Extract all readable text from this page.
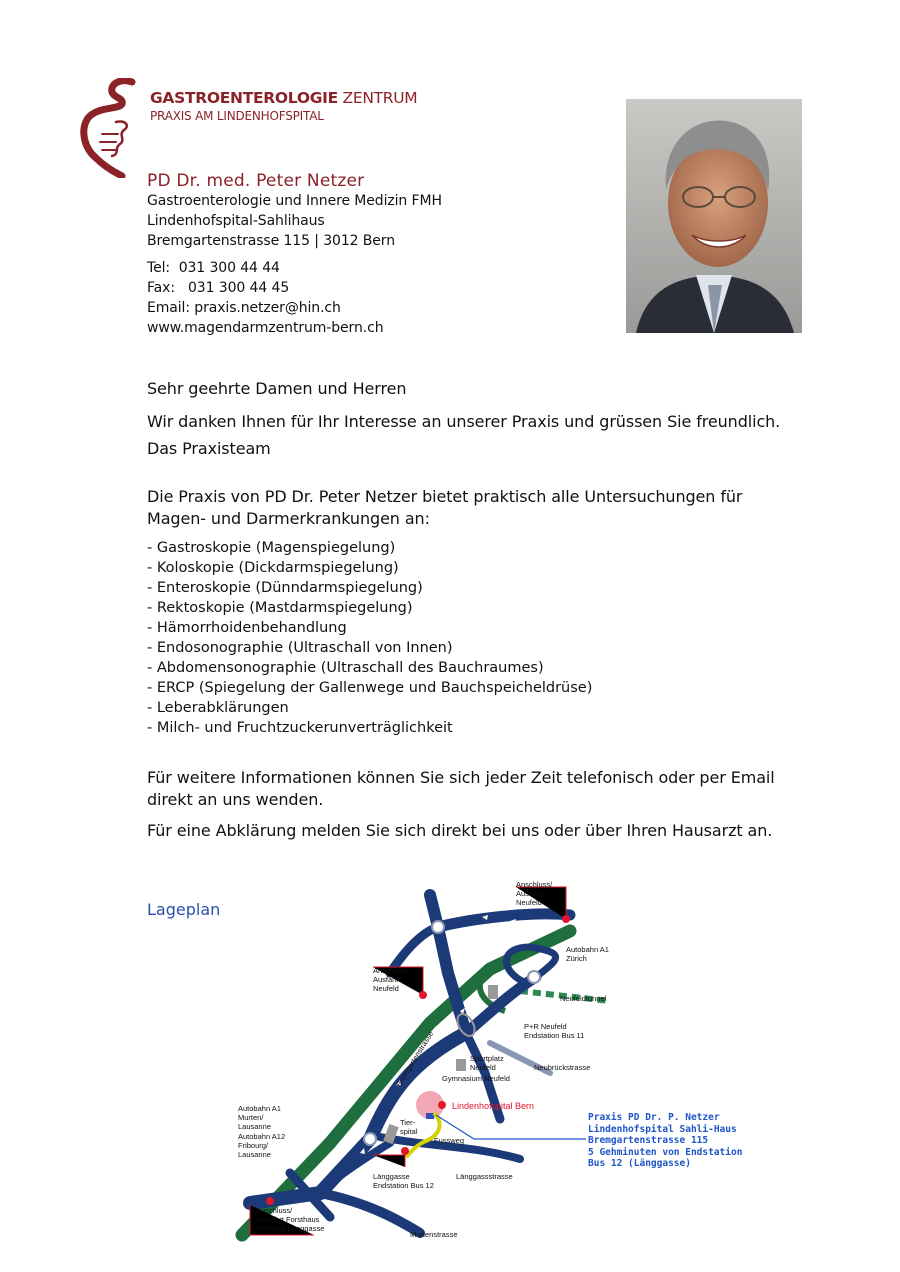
GASTROENTEROLOGIE ZENTRUM
PRAXIS AM LINDENHOFSPITAL
PD Dr. med. Peter Netzer
Gastroenterologie und Innere Medizin FMH
Lindenhofspital-Sahlihaus
Bremgartenstrasse 115 | 3012 Bern
Tel:  031 300 44 44
Fax:   031 300 44 45
Email: praxis.netzer@hin.ch
www.magendarmzentrum-bern.ch
Sehr geehrte Damen und Herren
Wir danken Ihnen für Ihr Interesse an unserer Praxis und grüssen Sie freundlich.
Das Praxisteam
Die Praxis von PD Dr. Peter Netzer bietet praktisch alle Untersuchungen für
Magen- und Darmerkrankungen an:
- Gastroskopie (Magenspiegelung)
- Koloskopie (Dickdarmspiegelung)
- Enteroskopie (Dünndarmspiegelung)
- Rektoskopie (Mastdarmspiegelung)
- Hämorrhoidenbehandlung
- Endosonographie (Ultraschall von Innen)
- Abdomensonographie (Ultraschall des Bauchraumes)
- ERCP (Spiegelung der Gallenwege und Bauchspeicheldrüse)
- Leberabklärungen
- Milch- und Fruchtzuckerunverträglichkeit
Für weitere Informationen können Sie sich jeder Zeit telefonisch oder per Email
direkt an uns wenden.
Für eine Abklärung melden Sie sich direkt bei uns oder über Ihren Hausarzt an.
Lageplan
Anschluss/
Ausfahrt
Neufeld
Autobahn A1
Zürich
Anschluss/
Ausfahrt
Neufeld
Neufeldtunnel
P+R Neufeld
Endstation Bus 11
Sportplatz
Neufeld	Neubrückstrasse
Gymnasium Neufeld
Bremgartenstrasse
Lindenhofspital Bern
Autobahn A1
Murten/
Lausanne
Autobahn A12
Fribourg/
Lausanne
Tier-
spital
Fussweg
Länggasse
Endstation Bus 12
Länggassstrasse
Anschluss/
Ausfahrt Forsthaus
Richtung Länggasse
Murtenstrasse
Praxis PD Dr. P. Netzer
Lindenhofspital Sahli-Haus
Bremgartenstrasse 115
5 Gehminuten von Endstation
Bus 12 (Länggasse)
